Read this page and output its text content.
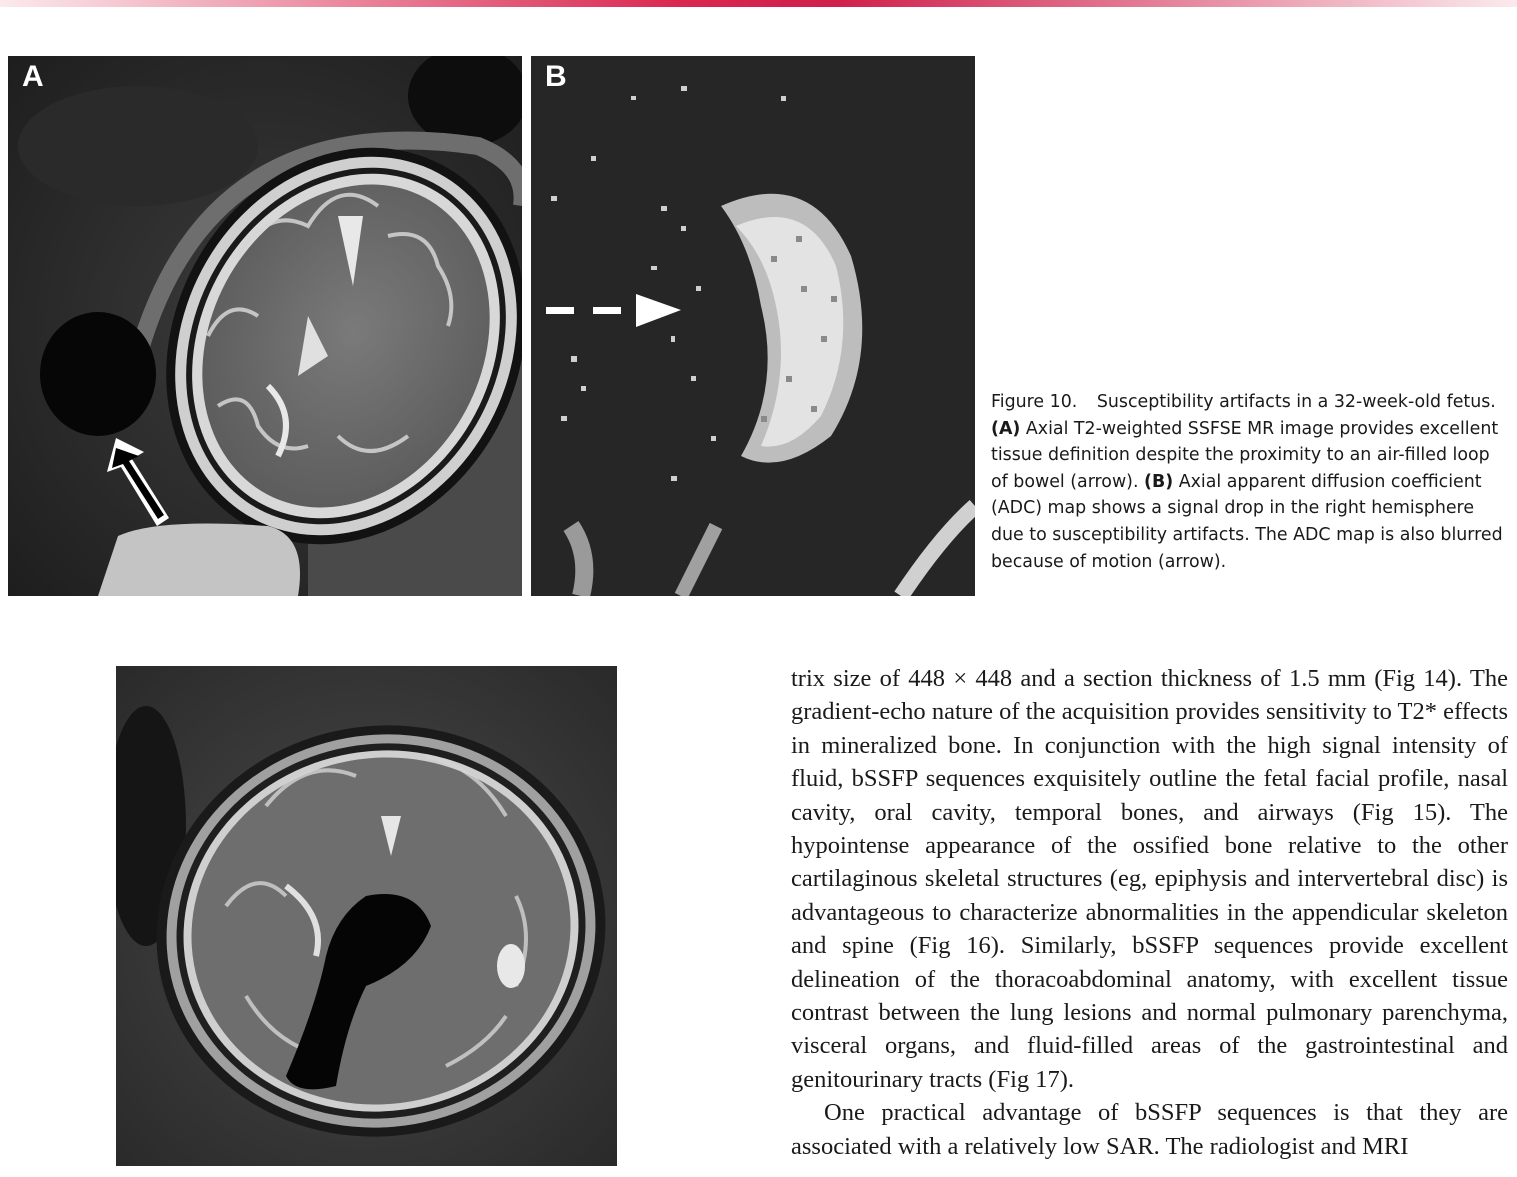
A	B
Figure 10. Susceptibility artifacts in a 32-week-old fetus. (A) Axial T2-weighted SSFSE MR image provides excellent tissue definition despite the proximity to an air-filled loop of bowel (arrow). (B) Axial apparent diffusion coefficient (ADC) map shows a signal drop in the right hemisphere due to susceptibility artifacts. The ADC map is also blurred because of motion (arrow).

trix size of 448 × 448 and a section thickness of 1.5 mm (Fig 14). The gradient-echo nature of the acquisition provides sensitivity to T2* effects in mineralized bone. In conjunction with the high signal intensity of fluid, bSSFP sequences exquisitely outline the fetal facial profile, nasal cavity, oral cavity, temporal bones, and airways (Fig 15). The hypointense appearance of the ossified bone relative to the other cartilaginous skeletal structures (eg, epiphysis and intervertebral disc) is advantageous to characterize abnormalities in the appendicular skeleton and spine (Fig 16). Similarly, bSSFP sequences provide excellent delineation of the thoracoabdominal anatomy, with excellent tissue contrast between the lung lesions and normal pulmonary parenchyma, visceral organs, and fluid-filled areas of the gastrointestinal and genitourinary tracts (Fig 17).

One practical advantage of bSSFP sequences is that they are associated with a relatively low SAR. The radiologist and MRI
